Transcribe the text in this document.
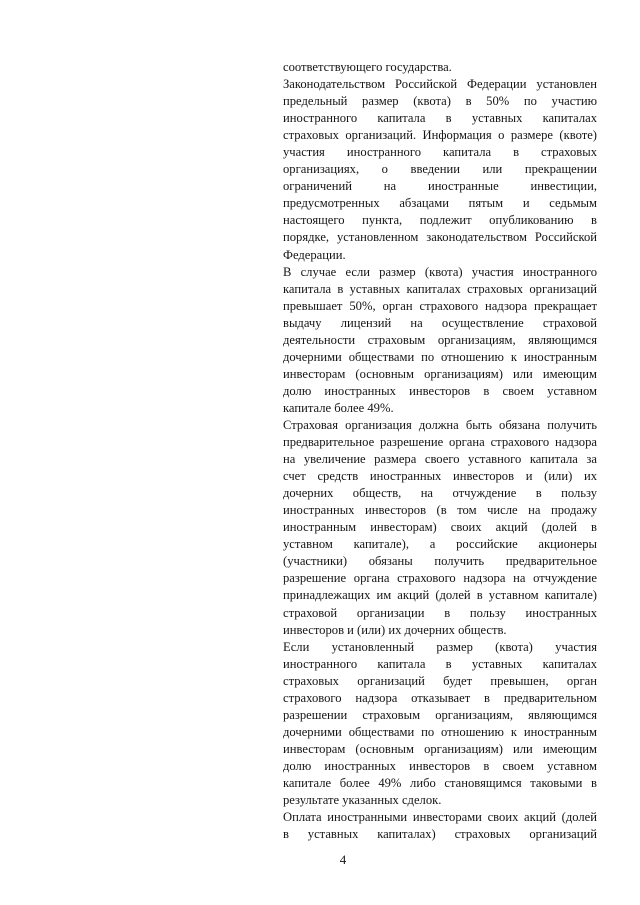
соответствующего государства.
Законодательством Российской Федерации установлен
предельный размер (квота) в 50% по участию
иностранного капитала в уставных капиталах
страховых организаций. Информация о размере (квоте)
участия иностранного капитала в страховых
организациях, о введении или прекращении
ограничений на иностранные инвестиции,
предусмотренных абзацами пятым и седьмым
настоящего пункта, подлежит опубликованию в
порядке, установленном законодательством Российской
Федерации.
В случае если размер (квота) участия иностранного
капитала в уставных капиталах страховых организаций
превышает 50%, орган страхового надзора прекращает
выдачу лицензий на осуществление страховой
деятельности страховым организациям, являющимся
дочерними обществами по отношению к иностранным
инвесторам (основным организациям) или имеющим
долю иностранных инвесторов в своем уставном
капитале более 49%.
Страховая организация должна быть обязана получить
предварительное разрешение органа страхового надзора
на увеличение размера своего уставного капитала за
счет средств иностранных инвесторов и (или) их
дочерних обществ, на отчуждение в пользу
иностранных инвесторов (в том числе на продажу
иностранным инвесторам) своих акций (долей в
уставном капитале), а российские акционеры
(участники) обязаны получить предварительное
разрешение органа страхового надзора на отчуждение
принадлежащих им акций (долей в уставном капитале)
страховой организации в пользу иностранных
инвесторов и (или) их дочерних обществ.
Если установленный размер (квота) участия
иностранного капитала в уставных капиталах
страховых организаций будет превышен, орган
страхового надзора отказывает в предварительном
разрешении страховым организациям, являющимся
дочерними обществами по отношению к иностранным
инвесторам (основным организациям) или имеющим
долю иностранных инвесторов в своем уставном
капитале более 49% либо становящимся таковыми в
результате указанных сделок.
Оплата иностранными инвесторами своих акций (долей
в уставных капиталах) страховых организаций
4
